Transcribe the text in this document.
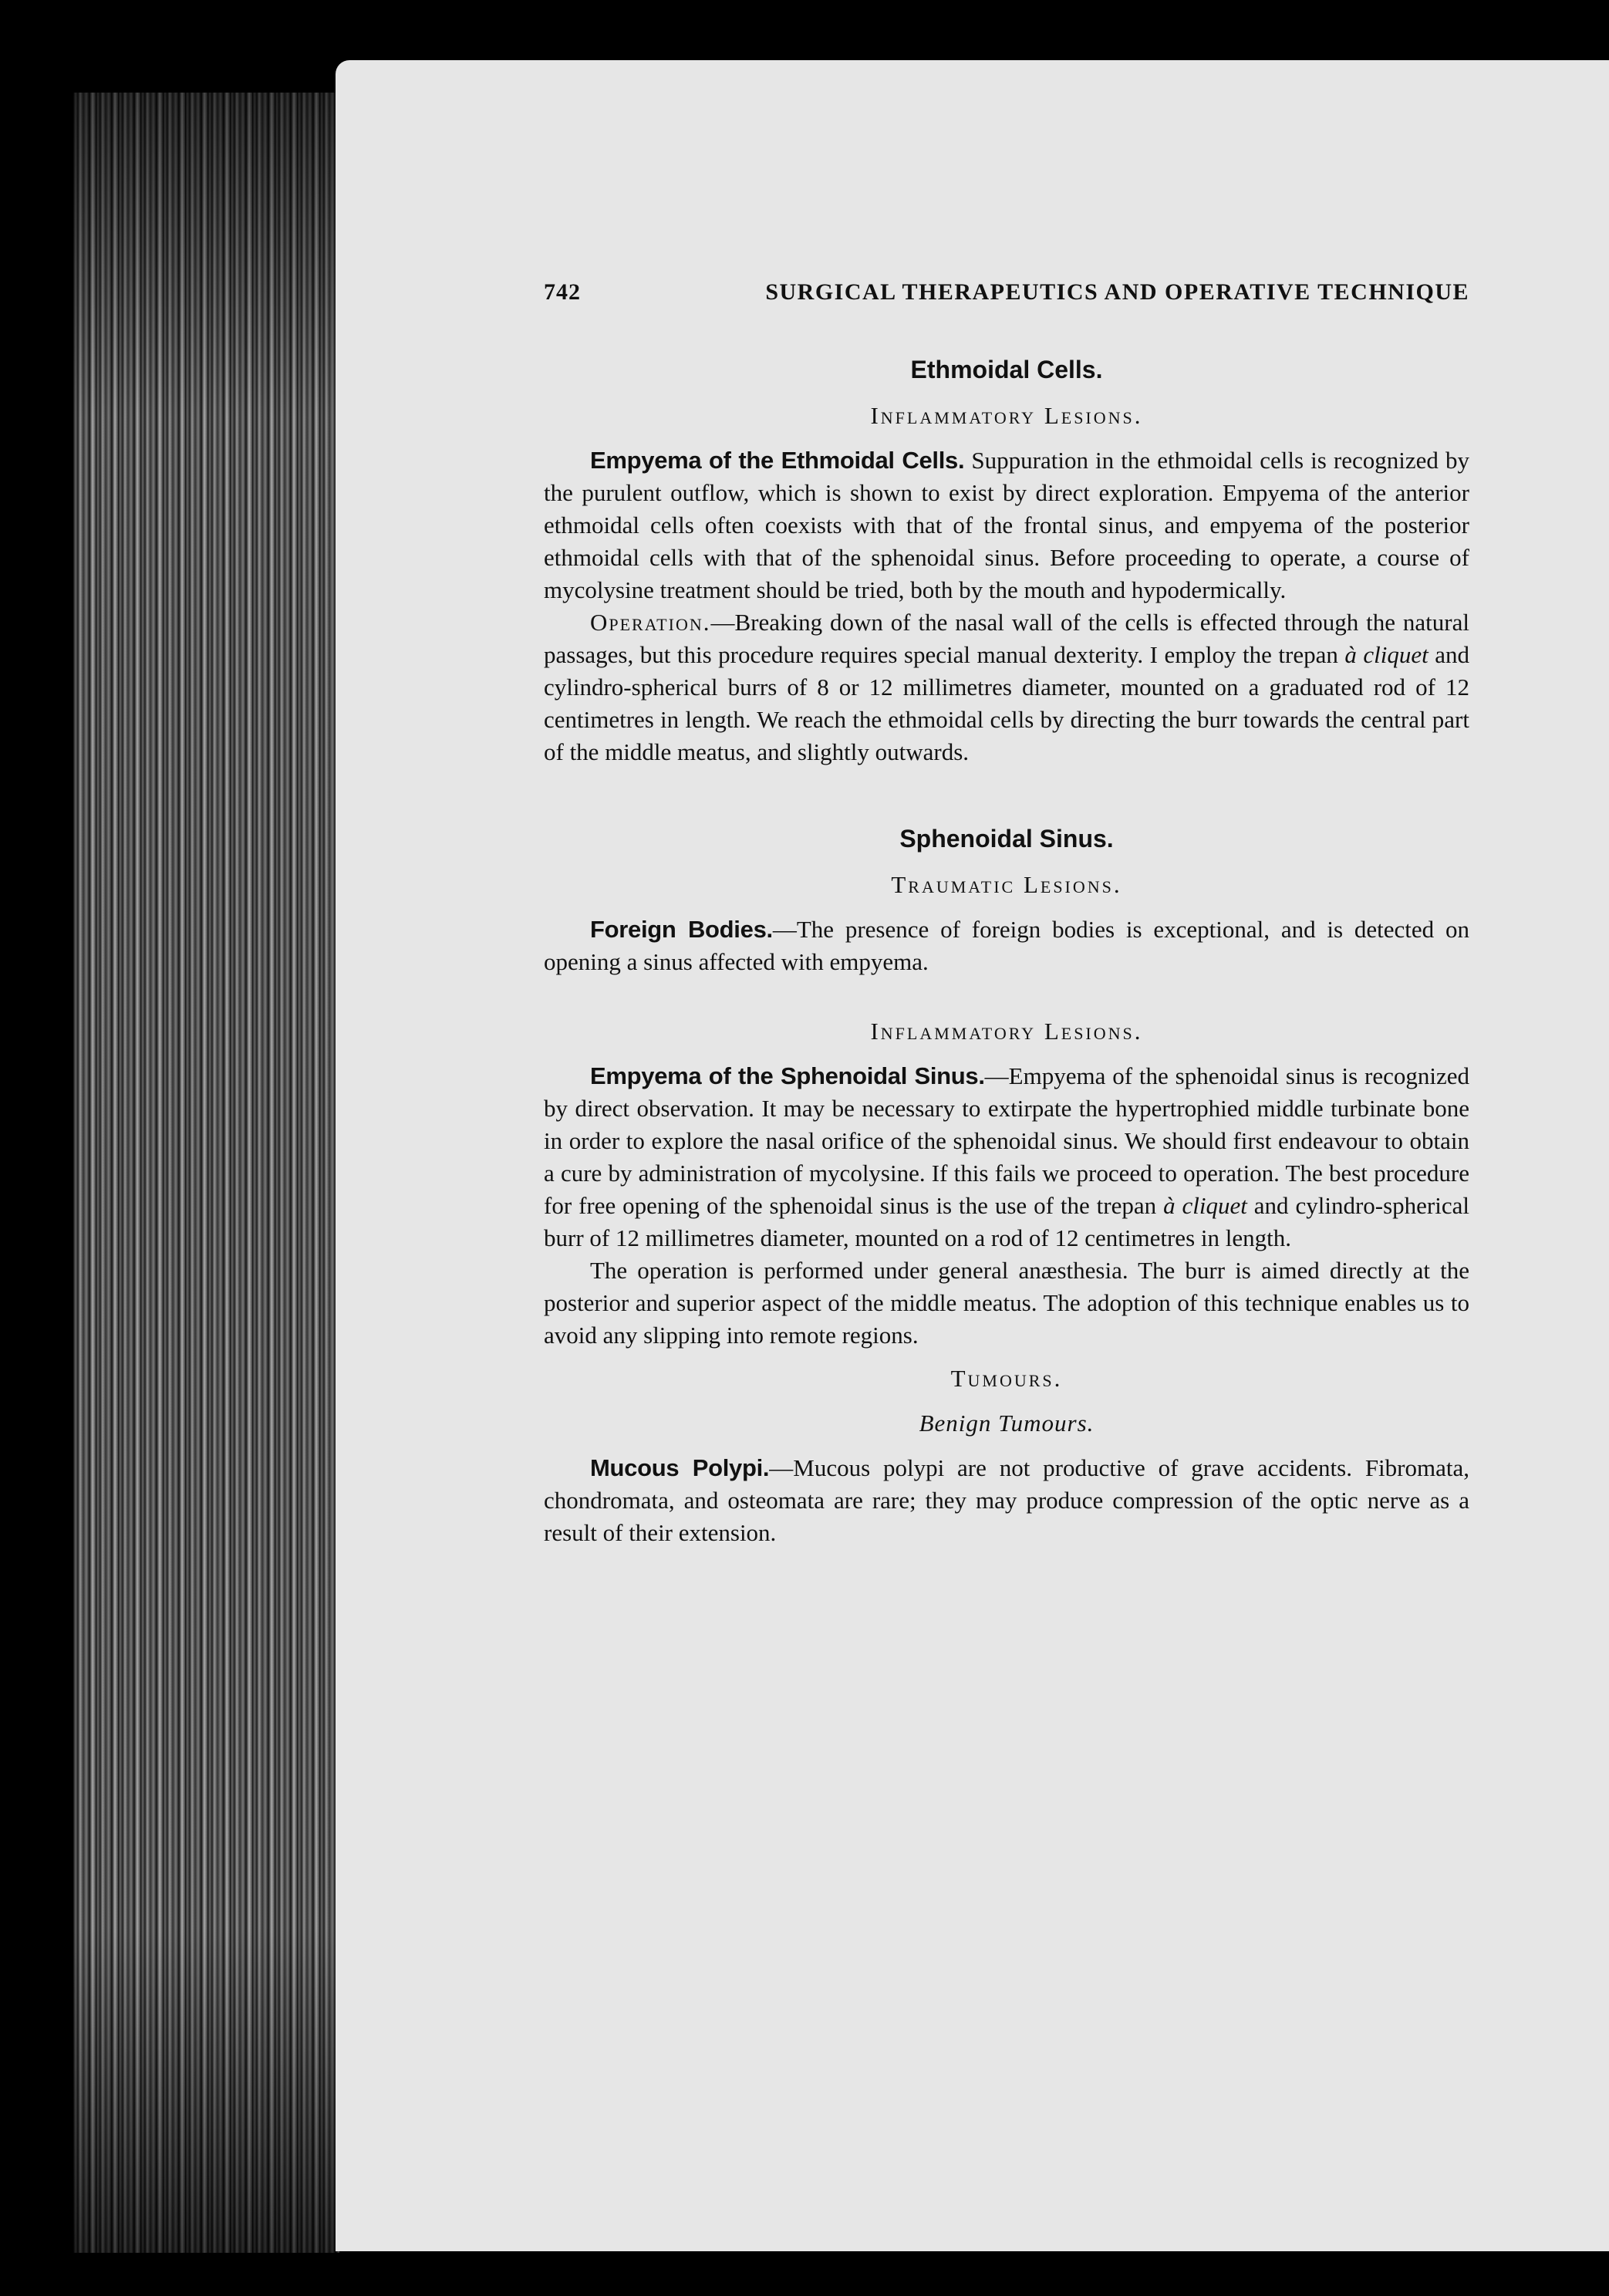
742	SURGICAL THERAPEUTICS AND OPERATIVE TECHNIQUE
Ethmoidal Cells.
Inflammatory Lesions.

Empyema of the Ethmoidal Cells. Suppuration in the ethmoidal cells is recognized by the purulent outflow, which is shown to exist by direct exploration. Empyema of the anterior ethmoidal cells often coexists with that of the frontal sinus, and empyema of the posterior ethmoidal cells with that of the sphenoidal sinus. Before proceeding to operate, a course of mycolysine treatment should be tried, both by the mouth and hypodermically.

Operation.—Breaking down of the nasal wall of the cells is effected through the natural passages, but this procedure requires special manual dexterity. I employ the trepan à cliquet and cylindro-spherical burrs of 8 or 12 millimetres diameter, mounted on a graduated rod of 12 centimetres in length. We reach the ethmoidal cells by directing the burr towards the central part of the middle meatus, and slightly outwards.

Sphenoidal Sinus.
Traumatic Lesions.

Foreign Bodies.—The presence of foreign bodies is exceptional, and is detected on opening a sinus affected with empyema.

Inflammatory Lesions.

Empyema of the Sphenoidal Sinus.—Empyema of the sphenoidal sinus is recognized by direct observation. It may be necessary to extirpate the hypertrophied middle turbinate bone in order to explore the nasal orifice of the sphenoidal sinus. We should first endeavour to obtain a cure by administration of mycolysine. If this fails we proceed to operation. The best procedure for free opening of the sphenoidal sinus is the use of the trepan à cliquet and cylindro-spherical burr of 12 millimetres diameter, mounted on a rod of 12 centimetres in length.

The operation is performed under general anæsthesia. The burr is aimed directly at the posterior and superior aspect of the middle meatus. The adoption of this technique enables us to avoid any slipping into remote regions.

Tumours.
Benign Tumours.

Mucous Polypi.—Mucous polypi are not productive of grave accidents. Fibromata, chondromata, and osteomata are rare; they may produce compression of the optic nerve as a result of their extension.
